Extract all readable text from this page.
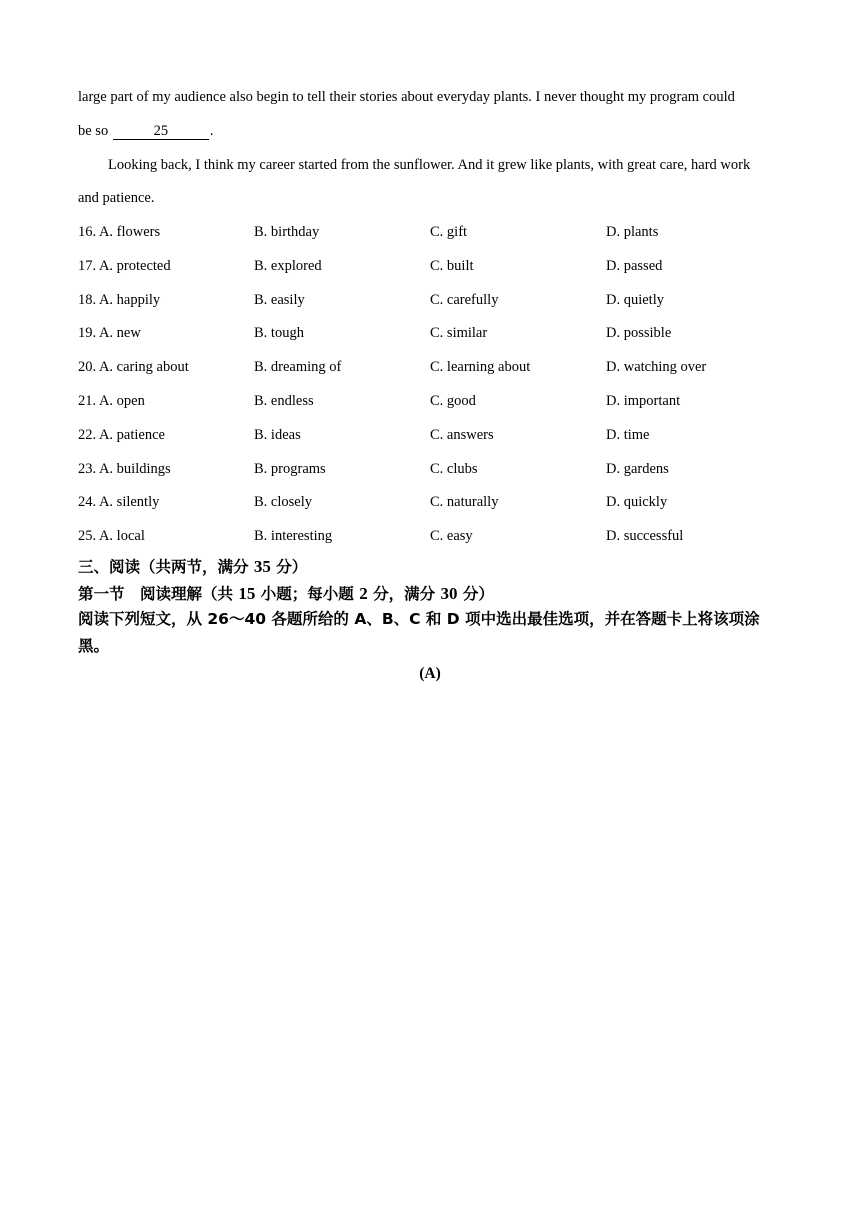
large part of my audience also begin to tell their stories about everyday plants. I never thought my program could
be so	25	.
Looking back, I think my career started from the sunflower. And it grew like plants, with great care, hard work
and patience.
16. A. flowers	B. birthday	C. gift	D. plants
17. A. protected	B. explored	C. built	D. passed
18. A. happily	B. easily	C. carefully	D. quietly
19. A. new	B. tough	C. similar	D. possible
20. A. caring about	B. dreaming of	C. learning about	D. watching over
21. A. open	B. endless	C. good	D. important
22. A. patience	B. ideas	C. answers	D. time
23. A. buildings	B. programs	C. clubs	D. gardens
24. A. silently	B. closely	C. naturally	D. quickly
25. A. local	B. interesting	C. easy	D. successful
三、阅读（共两节，满分 35 分）
第一节　阅读理解（共 15 小题；每小题 2 分，满分 30 分）
阅读下列短文，从 26～40 各题所给的 A、B、C 和 D 项中选出最佳选项，并在答题卡上将该项涂黑。
(A)
